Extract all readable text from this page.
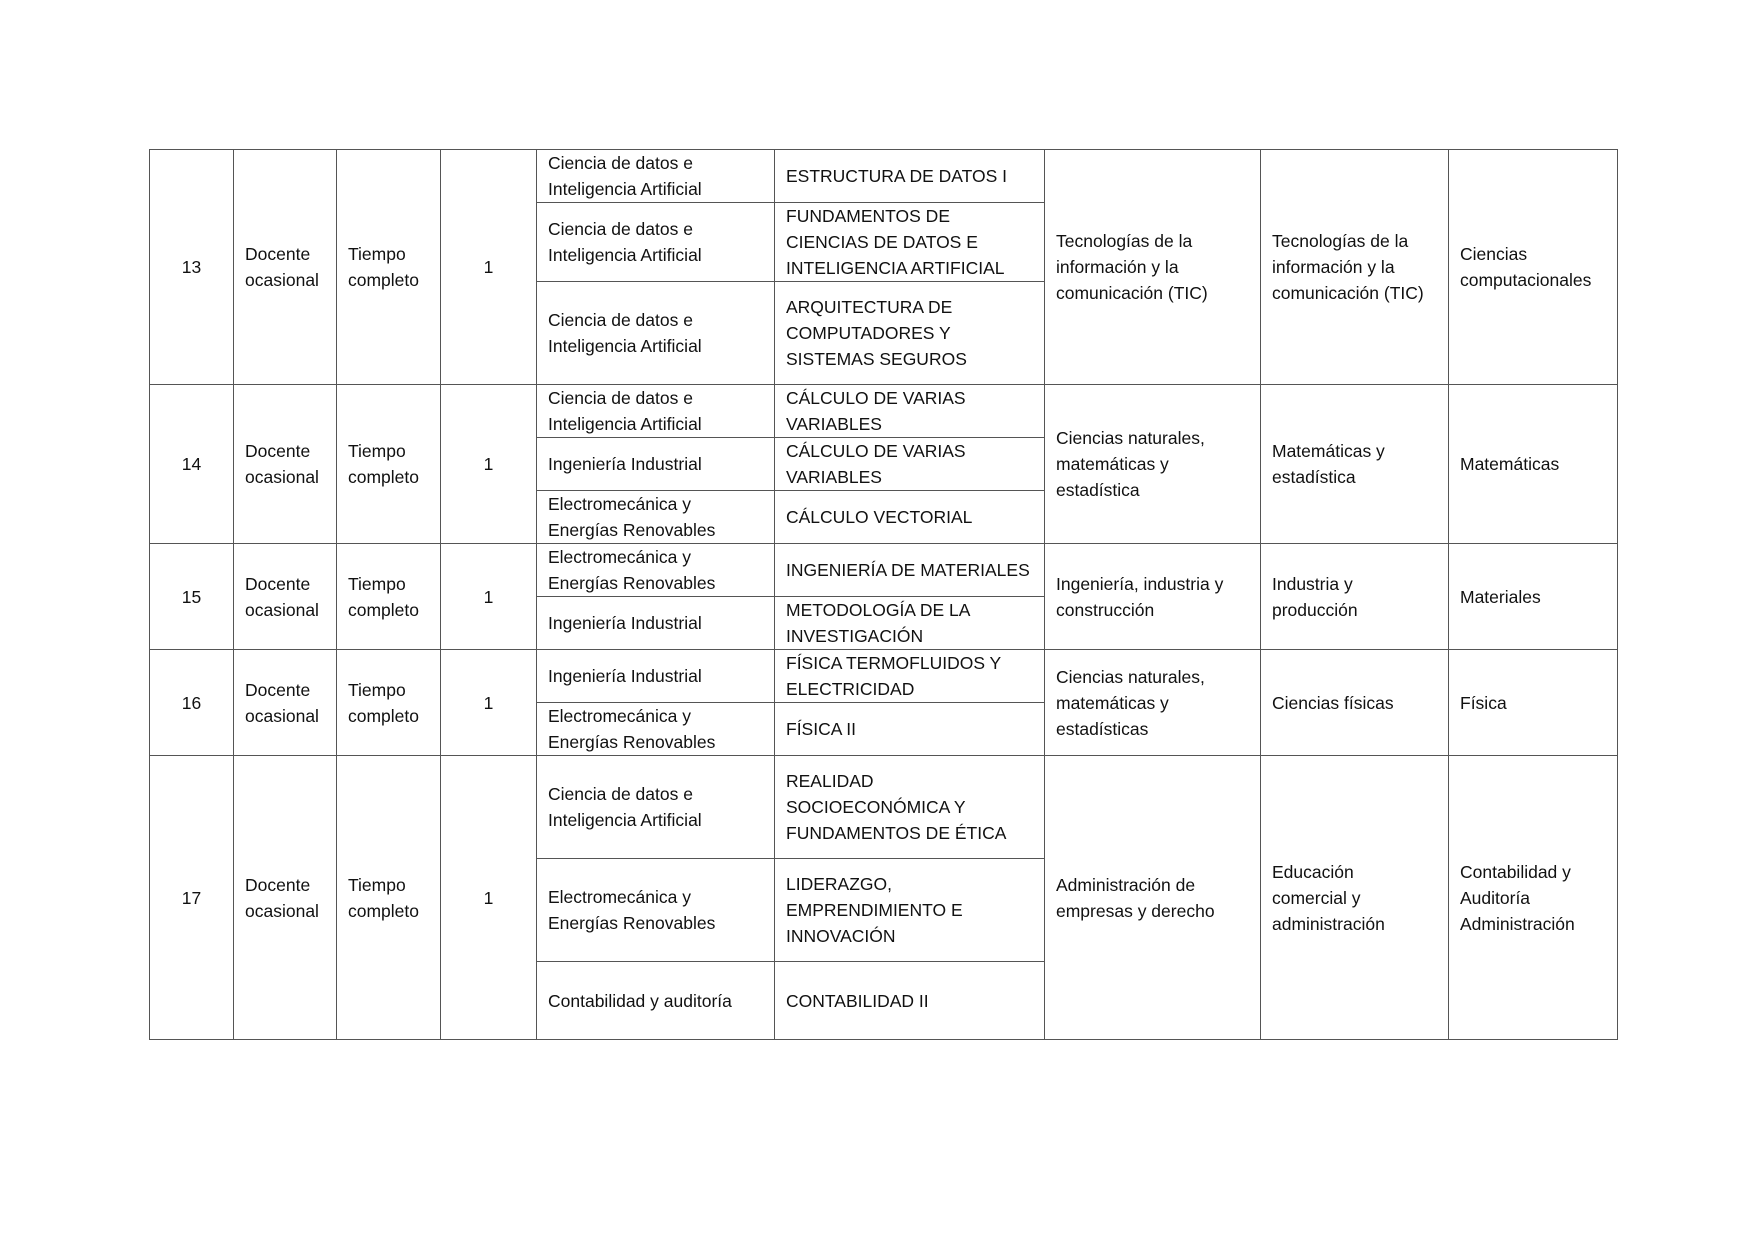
13	Docente
ocasional	Tiempo
completo	1	Ciencia de datos e
Inteligencia Artificial	ESTRUCTURA DE DATOS I	Tecnologías de la
información y la
comunicación (TIC)	Tecnologías de la
información y la
comunicación (TIC)	Ciencias
computacionales
				Ciencia de datos e
Inteligencia Artificial	FUNDAMENTOS DE
CIENCIAS DE DATOS E
INTELIGENCIA ARTIFICIAL			
				Ciencia de datos e
Inteligencia Artificial	ARQUITECTURA DE
COMPUTADORES Y
SISTEMAS SEGUROS			
14	Docente
ocasional	Tiempo
completo	1	Ciencia de datos e
Inteligencia Artificial	CÁLCULO DE VARIAS
VARIABLES	Ciencias naturales,
matemáticas y
estadística	Matemáticas y
estadística	Matemáticas
				Ingeniería Industrial	CÁLCULO DE VARIAS
VARIABLES			
				Electromecánica y
Energías Renovables	CÁLCULO VECTORIAL			
15	Docente
ocasional	Tiempo
completo	1	Electromecánica y
Energías Renovables	INGENIERÍA DE MATERIALES	Ingeniería, industria y
construcción	Industria y
producción	Materiales
				Ingeniería Industrial	METODOLOGÍA DE LA
INVESTIGACIÓN			
16	Docente
ocasional	Tiempo
completo	1	Ingeniería Industrial	FÍSICA TERMOFLUIDOS Y
ELECTRICIDAD	Ciencias naturales,
matemáticas y
estadísticas	Ciencias físicas	Física
				Electromecánica y
Energías Renovables	FÍSICA II			
17	Docente
ocasional	Tiempo
completo	1	Ciencia de datos e
Inteligencia Artificial	REALIDAD
SOCIOECONÓMICA Y
FUNDAMENTOS DE ÉTICA	Administración de
empresas y derecho	Educación
comercial y
administración	Contabilidad y
Auditoría
Administración
				Electromecánica y
Energías Renovables	LIDERAZGO,
EMPRENDIMIENTO E
INNOVACIÓN			
				Contabilidad y auditoría	CONTABILIDAD II			
